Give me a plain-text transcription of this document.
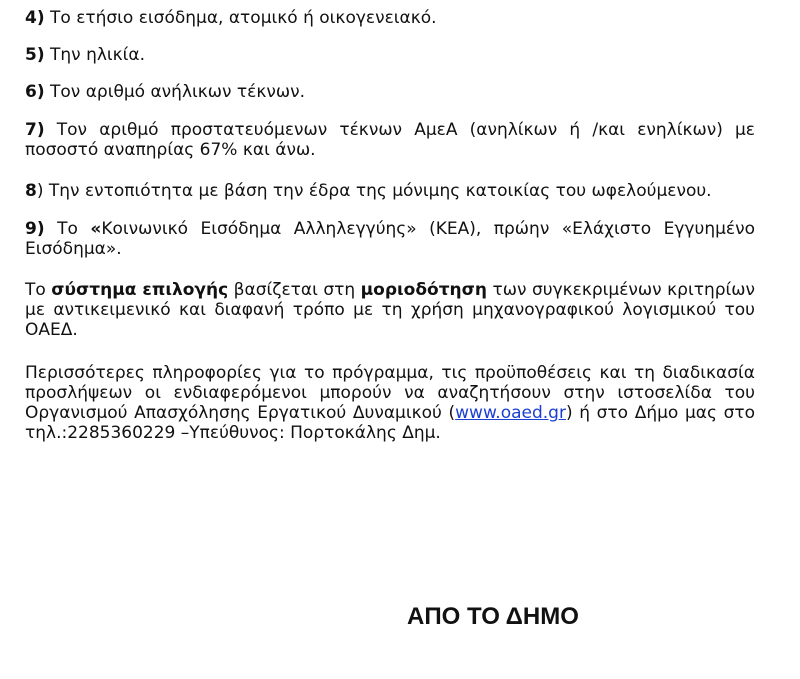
4) Το ετήσιο εισόδημα, ατομικό ή οικογενειακό.

5) Την ηλικία.

6) Τον αριθμό ανήλικων τέκνων.

7) Τον αριθμό προστατευόμενων τέκνων ΑμεΑ (ανηλίκων ή /και ενηλίκων) με ποσοστό αναπηρίας 67% και άνω.

8) Την εντοπιότητα με βάση την έδρα της μόνιμης κατοικίας του ωφελούμενου.

9) Το «Κοινωνικό Εισόδημα Αλληλεγγύης» (ΚΕΑ), πρώην «Ελάχιστο Εγγυημένο Εισόδημα».

Το σύστημα επιλογής βασίζεται στη μοριοδότηση των συγκεκριμένων κριτηρίων με αντικειμενικό και διαφανή τρόπο με τη χρήση μηχανογραφικού λογισμικού του ΟΑΕΔ.

Περισσότερες πληροφορίες για το πρόγραμμα, τις προϋποθέσεις και τη διαδικασία προσλήψεων οι ενδιαφερόμενοι μπορούν να αναζητήσουν στην ιστοσελίδα του Οργανισμού Απασχόλησης Εργατικού Δυναμικού (www.oaed.gr) ή στο Δήμο μας στο τηλ.:2285360229 –Υπεύθυνος: Πορτοκάλης Δημ.

ΑΠΟ ΤΟ ΔΗΜΟ
